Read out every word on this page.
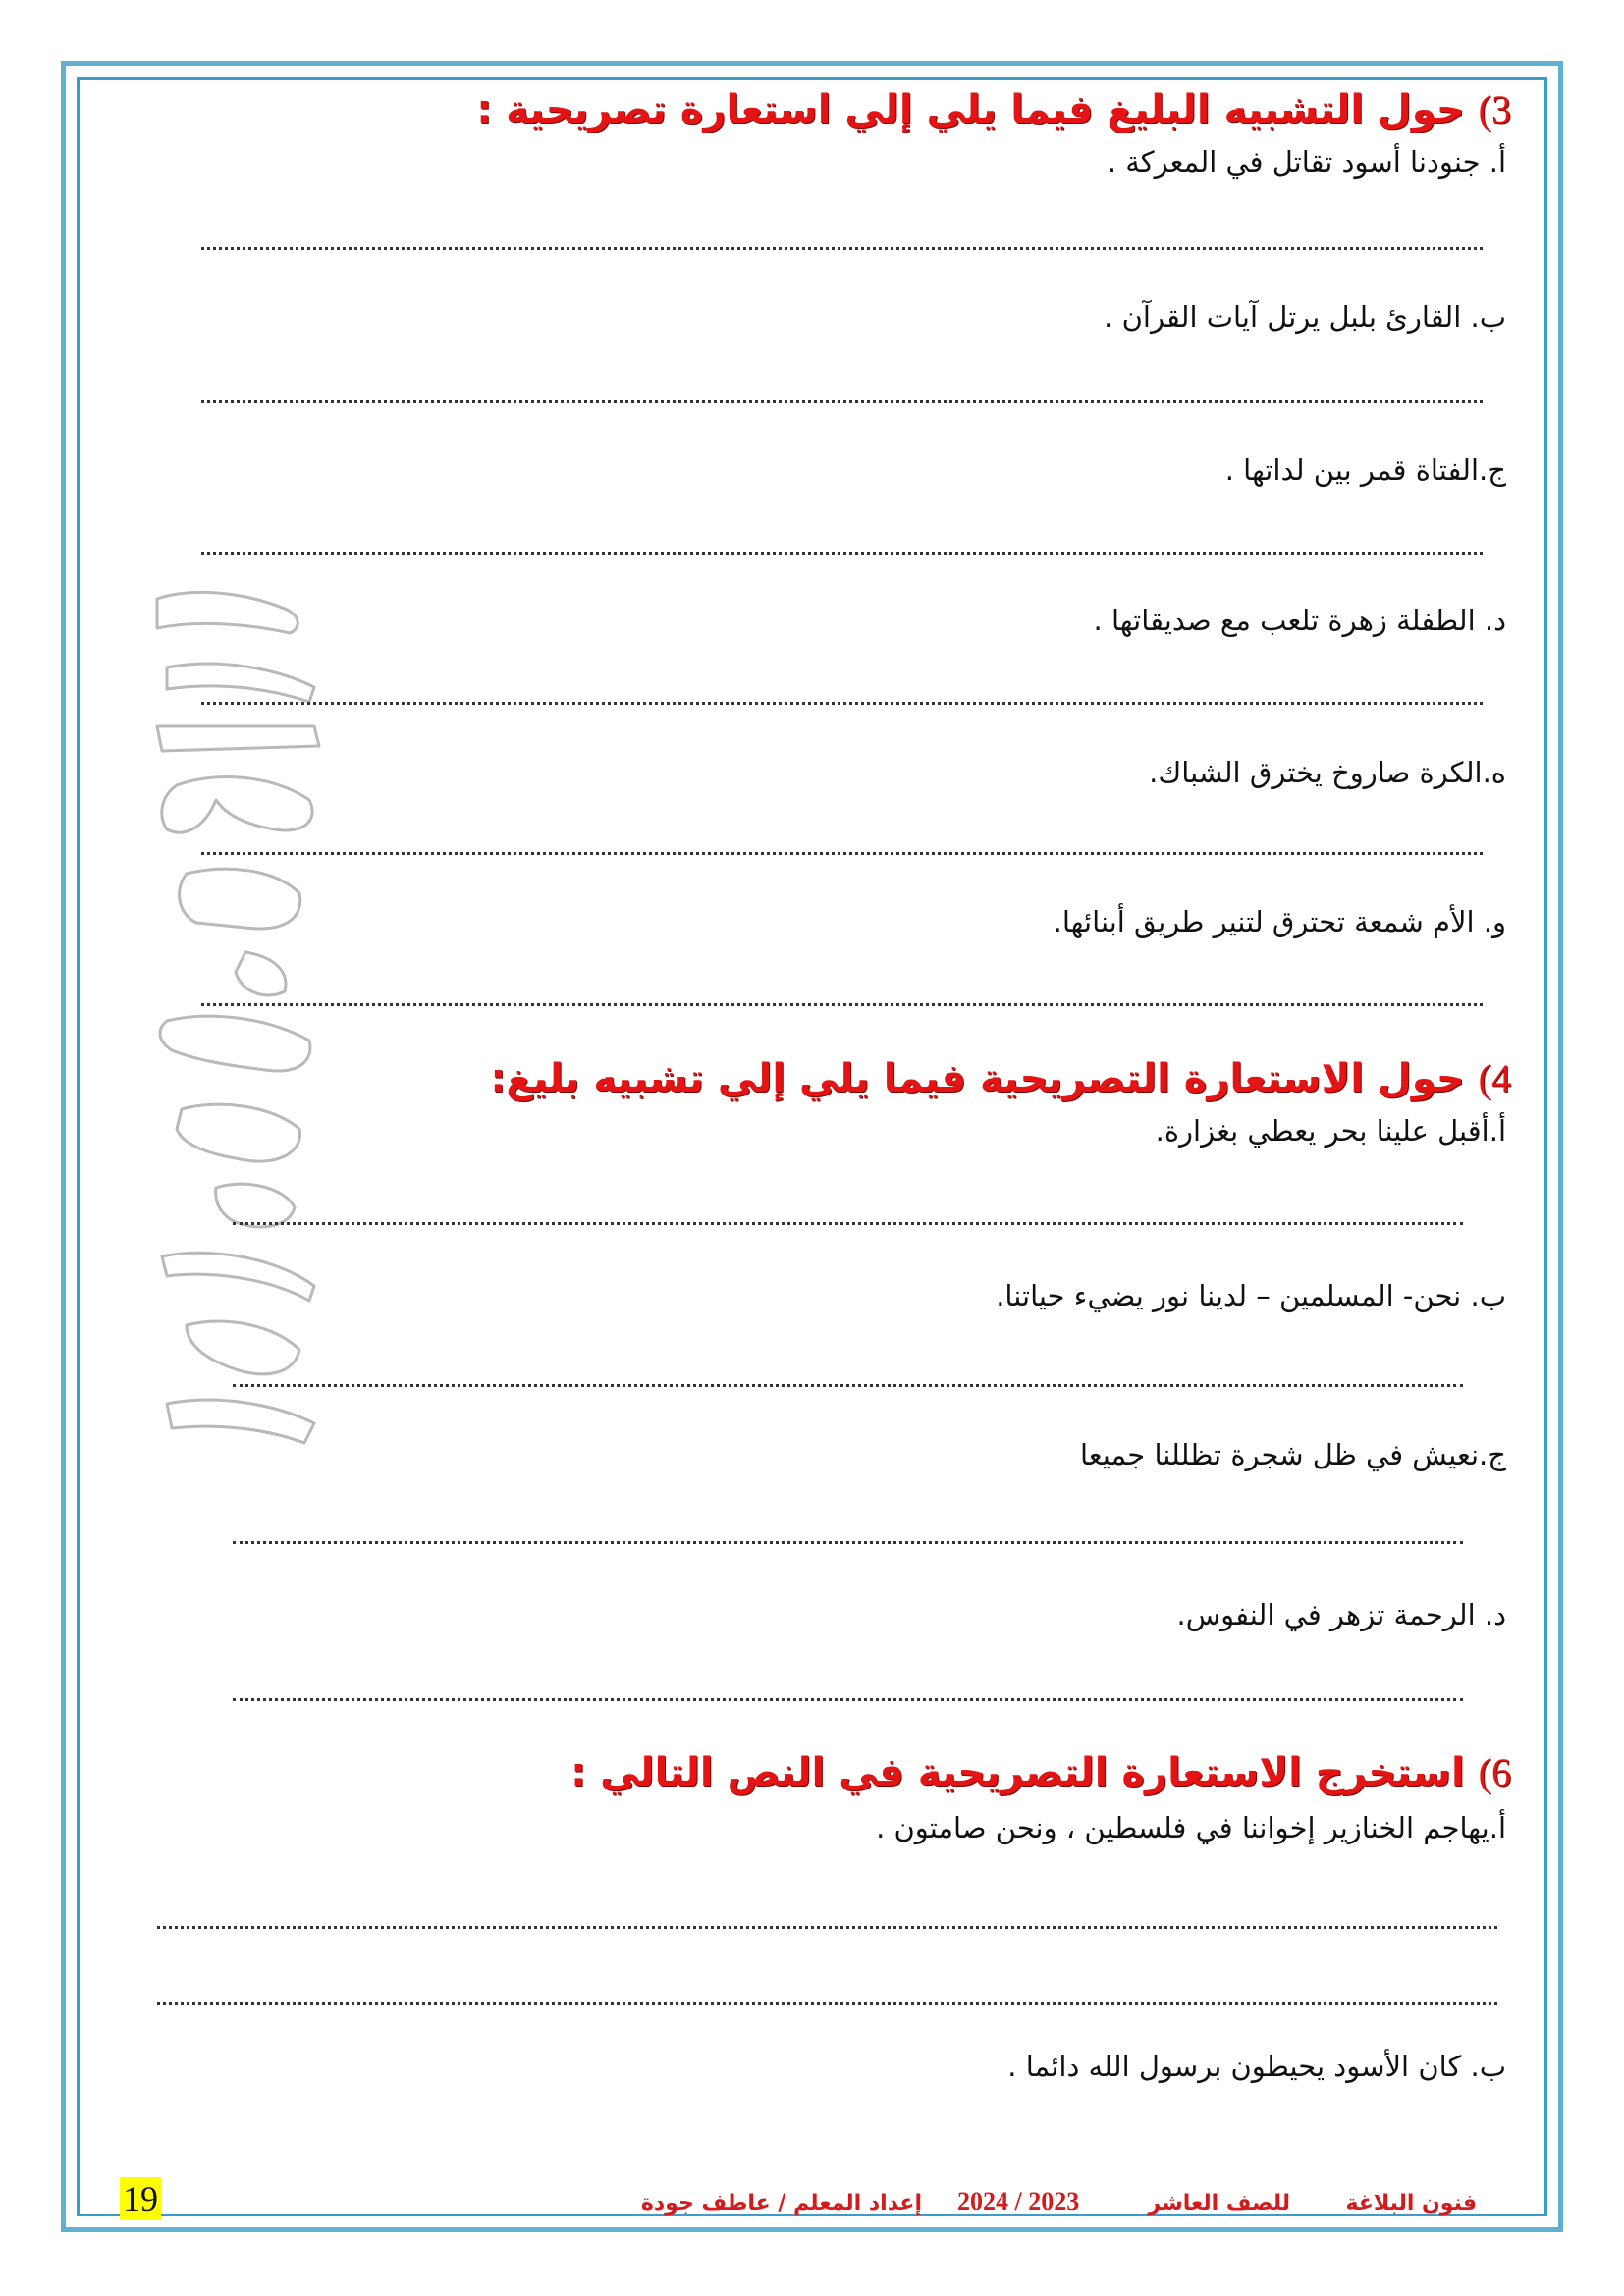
أ/ عاطف جودة ٢٠٢٣
3)حول التشبيه البليغ فيما يلي إلي استعارة تصريحية :
أ. جنودنا أسود تقاتل في المعركة .
ب. القارئ بلبل يرتل آيات القرآن .
ج.الفتاة قمر بين لداتها .
د. الطفلة زهرة تلعب مع صديقاتها .
ه.الكرة صاروخ يخترق الشباك.
و. الأم شمعة تحترق لتنير طريق أبنائها.
4)حول الاستعارة التصريحية فيما يلي إلي تشبيه بليغ:
أ.أقبل علينا بحر يعطي بغزارة.
ب. نحن- المسلمين – لدينا نور يضيء حياتنا.
ج.نعيش في ظل شجرة تظللنا جميعا
د. الرحمة تزهر في النفوس.
6)استخرج الاستعارة التصريحية في النص التالي :
أ.يهاجم الخنازير إخواننا في فلسطين ، ونحن صامتون .
ب. كان الأسود يحيطون برسول الله دائما .
فنون البلاغة
للصف العاشر
2024 / 2023
إعداد المعلم / عاطف جودة
19
